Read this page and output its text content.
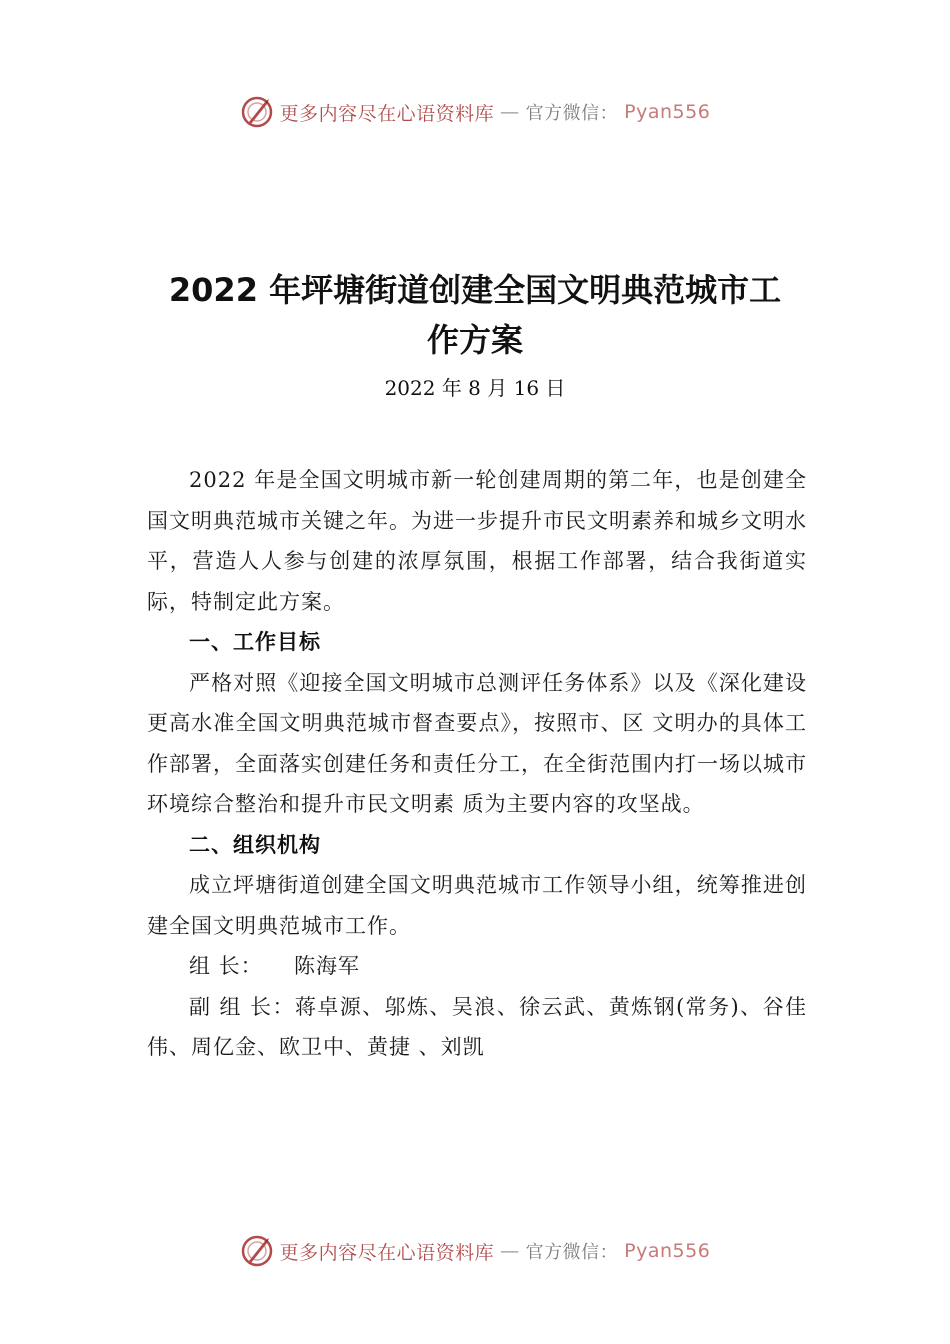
更多内容尽在心语资料库 — 官方微信： Pyan556
2022 年坪塘街道创建全国文明典范城市工
作方案
2022 年 8 月 16 日

2022 年是全国文明城市新一轮创建周期的第二年，也是创建全国文明典范城市关键之年。为进一步提升市民文明素养和城乡文明水平，营造人人参与创建的浓厚氛围，根据工作部署，结合我街道实际，特制定此方案。

一、工作目标

严格对照《迎接全国文明城市总测评任务体系》以及《深化建设更高水准全国文明典范城市督查要点》，按照市、区 文明办的具体工作部署，全面落实创建任务和责任分工，在全街范围内打一场以城市环境综合整治和提升市民文明素 质为主要内容的攻坚战。

二、组织机构

成立坪塘街道创建全国文明典范城市工作领导小组，统筹推进创建全国文明典范城市工作。

组 长： 陈海军

副 组 长：蒋卓源、邬炼、吴浪、徐云武、黄炼钢(常务)、谷佳伟、周亿金、欧卫中、黄捷 、刘凯

更多内容尽在心语资料库 — 官方微信： Pyan556
